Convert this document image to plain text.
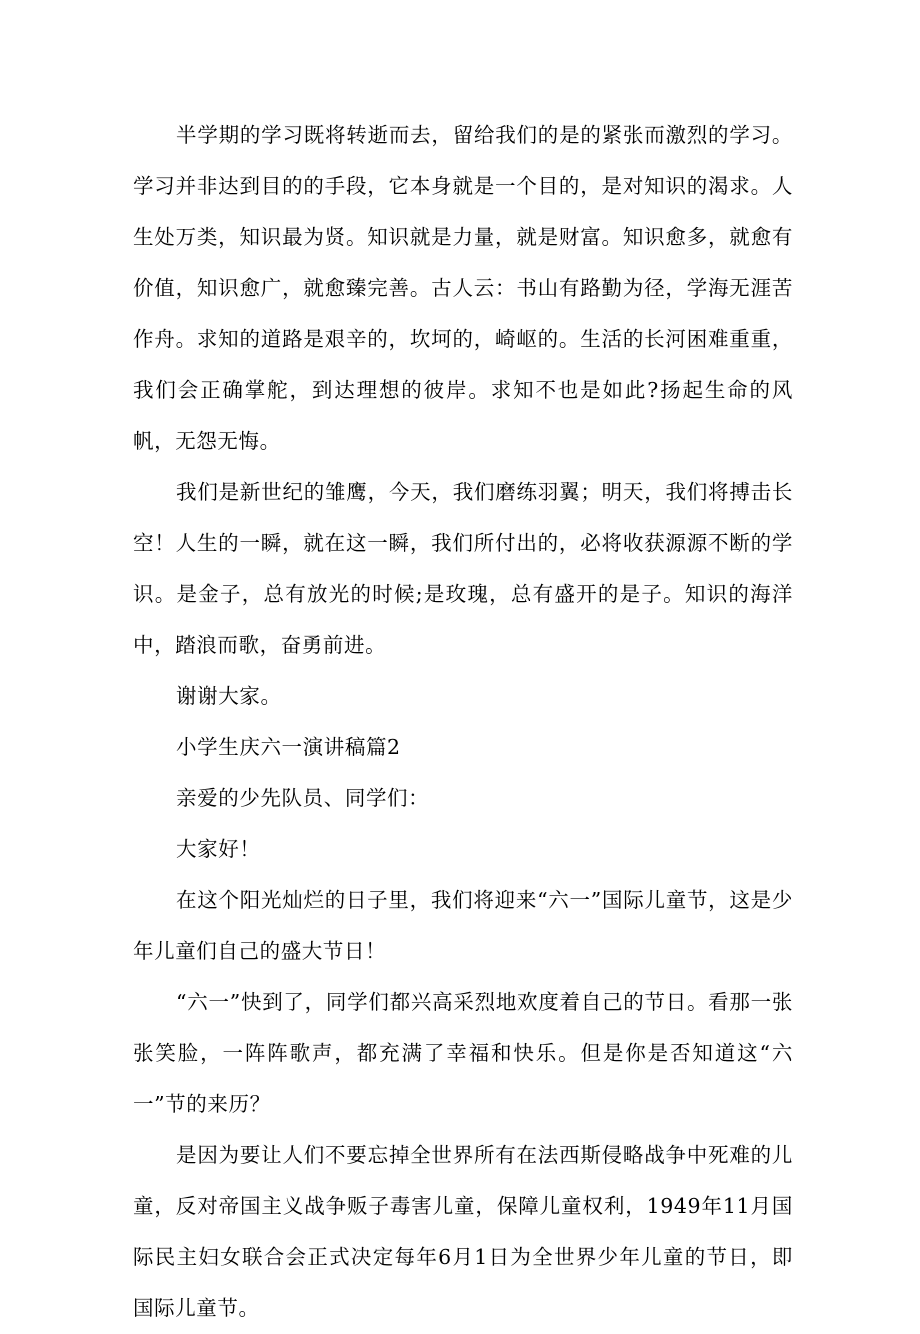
半学期的学习既将转逝而去，留给我们的是的紧张而激烈的学习。学习并非达到目的的手段，它本身就是一个目的，是对知识的渴求。人生处万类，知识最为贤。知识就是力量，就是财富。知识愈多，就愈有价值，知识愈广，就愈臻完善。古人云：书山有路勤为径，学海无涯苦作舟。求知的道路是艰辛的，坎坷的，崎岖的。生活的长河困难重重，我们会正确掌舵，到达理想的彼岸。求知不也是如此?扬起生命的风帆，无怨无悔。

我们是新世纪的雏鹰，今天，我们磨练羽翼；明天，我们将搏击长空！人生的一瞬，就在这一瞬，我们所付出的，必将收获源源不断的学识。是金子，总有放光的时候;是玫瑰，总有盛开的是子。知识的海洋中，踏浪而歌，奋勇前进。

谢谢大家。

小学生庆六一演讲稿篇2

亲爱的少先队员、同学们：

大家好！

在这个阳光灿烂的日子里，我们将迎来“六一”国际儿童节，这是少年儿童们自己的盛大节日！

“六一”快到了，同学们都兴高采烈地欢度着自己的节日。看那一张张笑脸，一阵阵歌声，都充满了幸福和快乐。但是你是否知道这“六一”节的来历？

是因为要让人们不要忘掉全世界所有在法西斯侵略战争中死难的儿童，反对帝国主义战争贩子毒害儿童，保障儿童权利，1949年11月国际民主妇女联合会正式决定每年6月1日为全世界少年儿童的节日，即国际儿童节。
